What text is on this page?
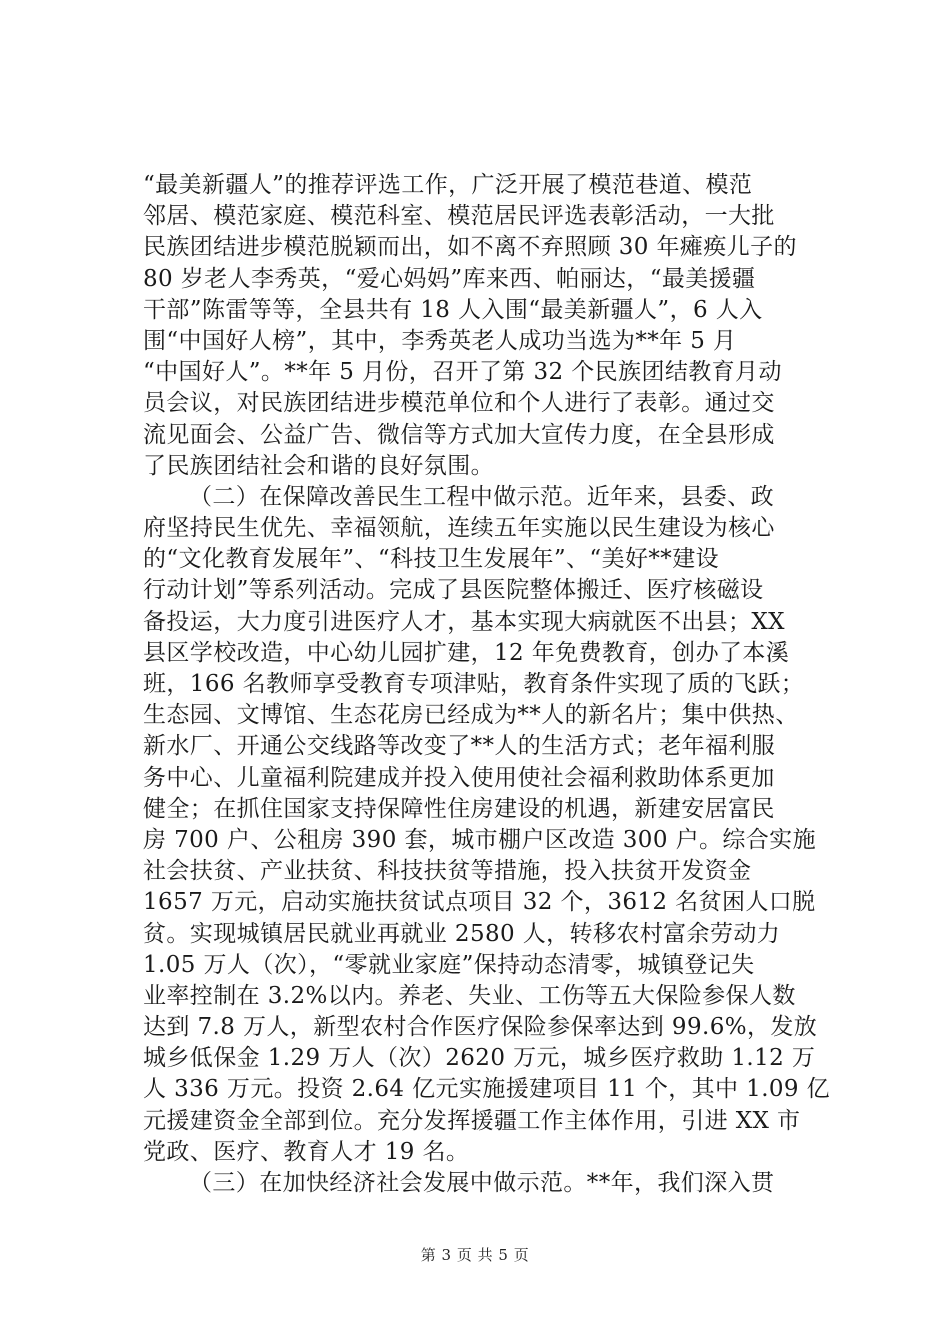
“最美新疆人”的推荐评选工作，广泛开展了模范巷道、模范
邻居、模范家庭、模范科室、模范居民评选表彰活动，一大批
民族团结进步模范脱颖而出，如不离不弃照顾 30 年瘫痪儿子的
80 岁老人李秀英，“爱心妈妈”库来西、帕丽达，“最美援疆
干部”陈雷等等，全县共有 18 人入围“最美新疆人”，6 人入
围“中国好人榜”，其中，李秀英老人成功当选为**年 5 月
“中国好人”。**年 5 月份，召开了第 32 个民族团结教育月动
员会议，对民族团结进步模范单位和个人进行了表彰。通过交
流见面会、公益广告、微信等方式加大宣传力度，在全县形成
了民族团结社会和谐的良好氛围。
（二）在保障改善民生工程中做示范。近年来，县委、政
府坚持民生优先、幸福领航，连续五年实施以民生建设为核心
的“文化教育发展年”、“科技卫生发展年”、“美好**建设
行动计划”等系列活动。完成了县医院整体搬迁、医疗核磁设
备投运，大力度引进医疗人才，基本实现大病就医不出县；XX
县区学校改造，中心幼儿园扩建，12 年免费教育，创办了本溪
班，166 名教师享受教育专项津贴，教育条件实现了质的飞跃；
生态园、文博馆、生态花房已经成为**人的新名片；集中供热、
新水厂、开通公交线路等改变了**人的生活方式；老年福利服
务中心、儿童福利院建成并投入使用使社会福利救助体系更加
健全；在抓住国家支持保障性住房建设的机遇，新建安居富民
房 700 户、公租房 390 套，城市棚户区改造 300 户。综合实施
社会扶贫、产业扶贫、科技扶贫等措施，投入扶贫开发资金
1657 万元，启动实施扶贫试点项目 32 个，3612 名贫困人口脱
贫。实现城镇居民就业再就业 2580 人，转移农村富余劳动力
1.05 万人（次），“零就业家庭”保持动态清零，城镇登记失
业率控制在 3.2%以内。养老、失业、工伤等五大保险参保人数
达到 7.8 万人，新型农村合作医疗保险参保率达到 99.6%，发放
城乡低保金 1.29 万人（次）2620 万元，城乡医疗救助 1.12 万
人 336 万元。投资 2.64 亿元实施援建项目 11 个，其中 1.09 亿
元援建资金全部到位。充分发挥援疆工作主体作用，引进 XX 市
党政、医疗、教育人才 19 名。
（三）在加快经济社会发展中做示范。**年，我们深入贯
第 3 页 共 5 页
